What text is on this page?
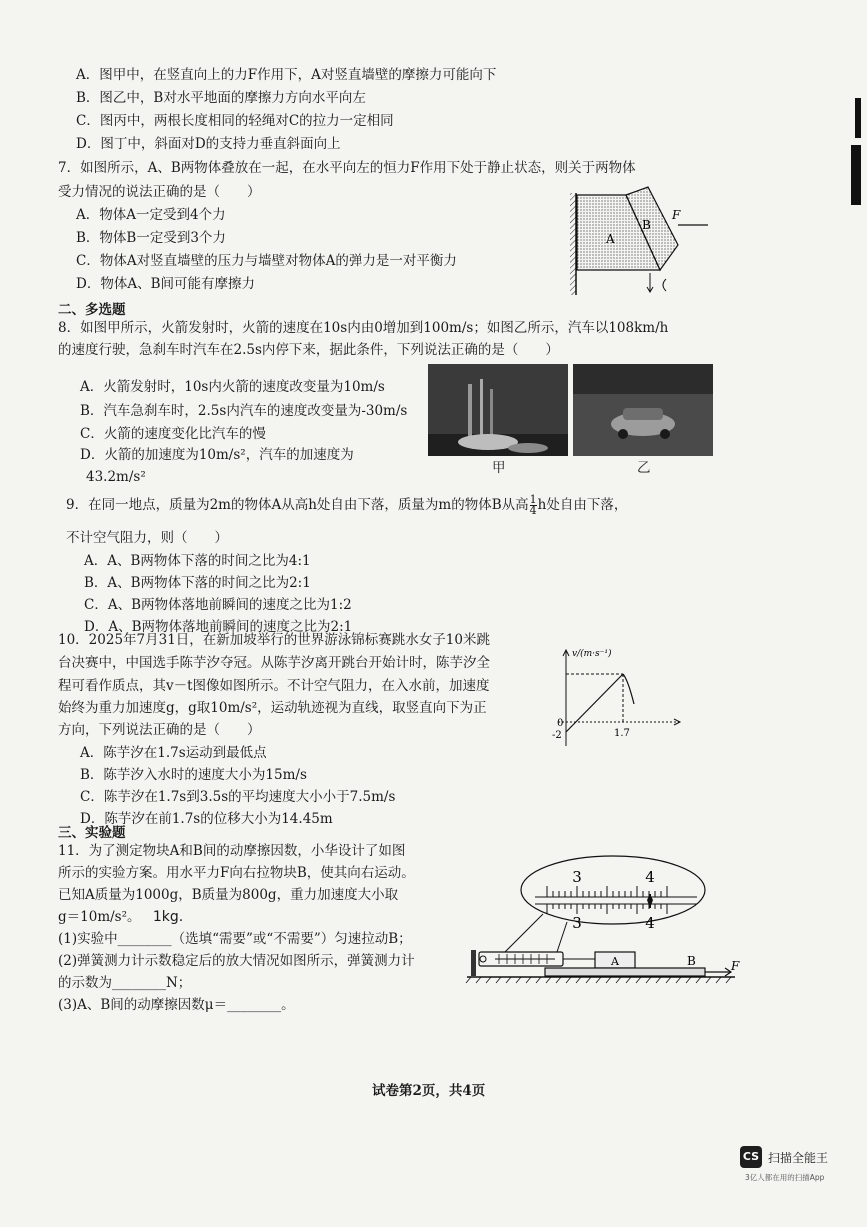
A．图甲中，在竖直向上的力F作用下，A对竖直墙壁的摩擦力可能向下
B．图乙中，B对水平地面的摩擦力方向水平向左
C．图丙中，两根长度相同的轻绳对C的拉力一定相同
D．图丁中，斜面对D的支持力垂直斜面向上
7．如图所示，A、B两物体叠放在一起，在水平向左的恒力F作用下处于静止状态，则关于两物体
受力情况的说法正确的是（　　）
A．物体A一定受到4个力
B．物体B一定受到3个力
C．物体A对竖直墙壁的压力与墙壁对物体A的弹力是一对平衡力
D．物体A、B间可能有摩擦力
A
B
F
二、多选题
8．如图甲所示，火箭发射时，火箭的速度在10s内由0增加到100m/s；如图乙所示，汽车以108km/h
的速度行驶，急刹车时汽车在2.5s内停下来，据此条件，下列说法正确的是（　　）
A．火箭发射时，10s内火箭的速度改变量为10m/s
B．汽车急刹车时，2.5s内汽车的速度改变量为-30m/s
C．火箭的速度变化比汽车的慢
D．火箭的加速度为10m/s²，汽车的加速度为
43.2m/s²
甲	乙
9．在同一地点，质量为2m的物体A从高h处自由下落，质量为m的物体B从高 $\frac{1}{4}$ h处自由下落，
不计空气阻力，则（　　）
A．A、B两物体下落的时间之比为4:1
B．A、B两物体下落的时间之比为2:1
C．A、B两物体落地前瞬间的速度之比为1:2
D．A、B两物体落地前瞬间的速度之比为2:1
10．2025年7月31日，在新加坡举行的世界游泳锦标赛跳水女子10米跳
台决赛中，中国选手陈芋汐夺冠。从陈芋汐离开跳台开始计时，陈芋汐全
程可看作质点，其v－t图像如图所示。不计空气阻力，在入水前，加速度
始终为重力加速度g，g取10m/s²，运动轨迹视为直线，取竖直向下为正
方向，下列说法正确的是（　　）
A．陈芋汐在1.7s运动到最低点
B．陈芋汐入水时的速度大小为15m/s
C．陈芋汐在1.7s到3.5s的平均速度大小小于7.5m/s
D．陈芋汐在前1.7s的位移大小为14.45m
v/(m·s⁻¹)
0
-2	1.7
三、实验题
11．为了测定物块A和B间的动摩擦因数，小华设计了如图
所示的实验方案。用水平力F向右拉物块B，使其向右运动。
已知A质量为1000g，B质量为800g，重力加速度大小取
g＝10m/s²。 1kg.
(1)实验中________（选填“需要”或“不需要”）匀速拉动B；
(2)弹簧测力计示数稳定后的放大情况如图所示，弹簧测力计
的示数为________N；
(3)A、B间的动摩擦因数μ＝________。
3	4
3	4
A	B	F
试卷第2页，共4页
CS 扫描全能王
3亿人都在用的扫描App
